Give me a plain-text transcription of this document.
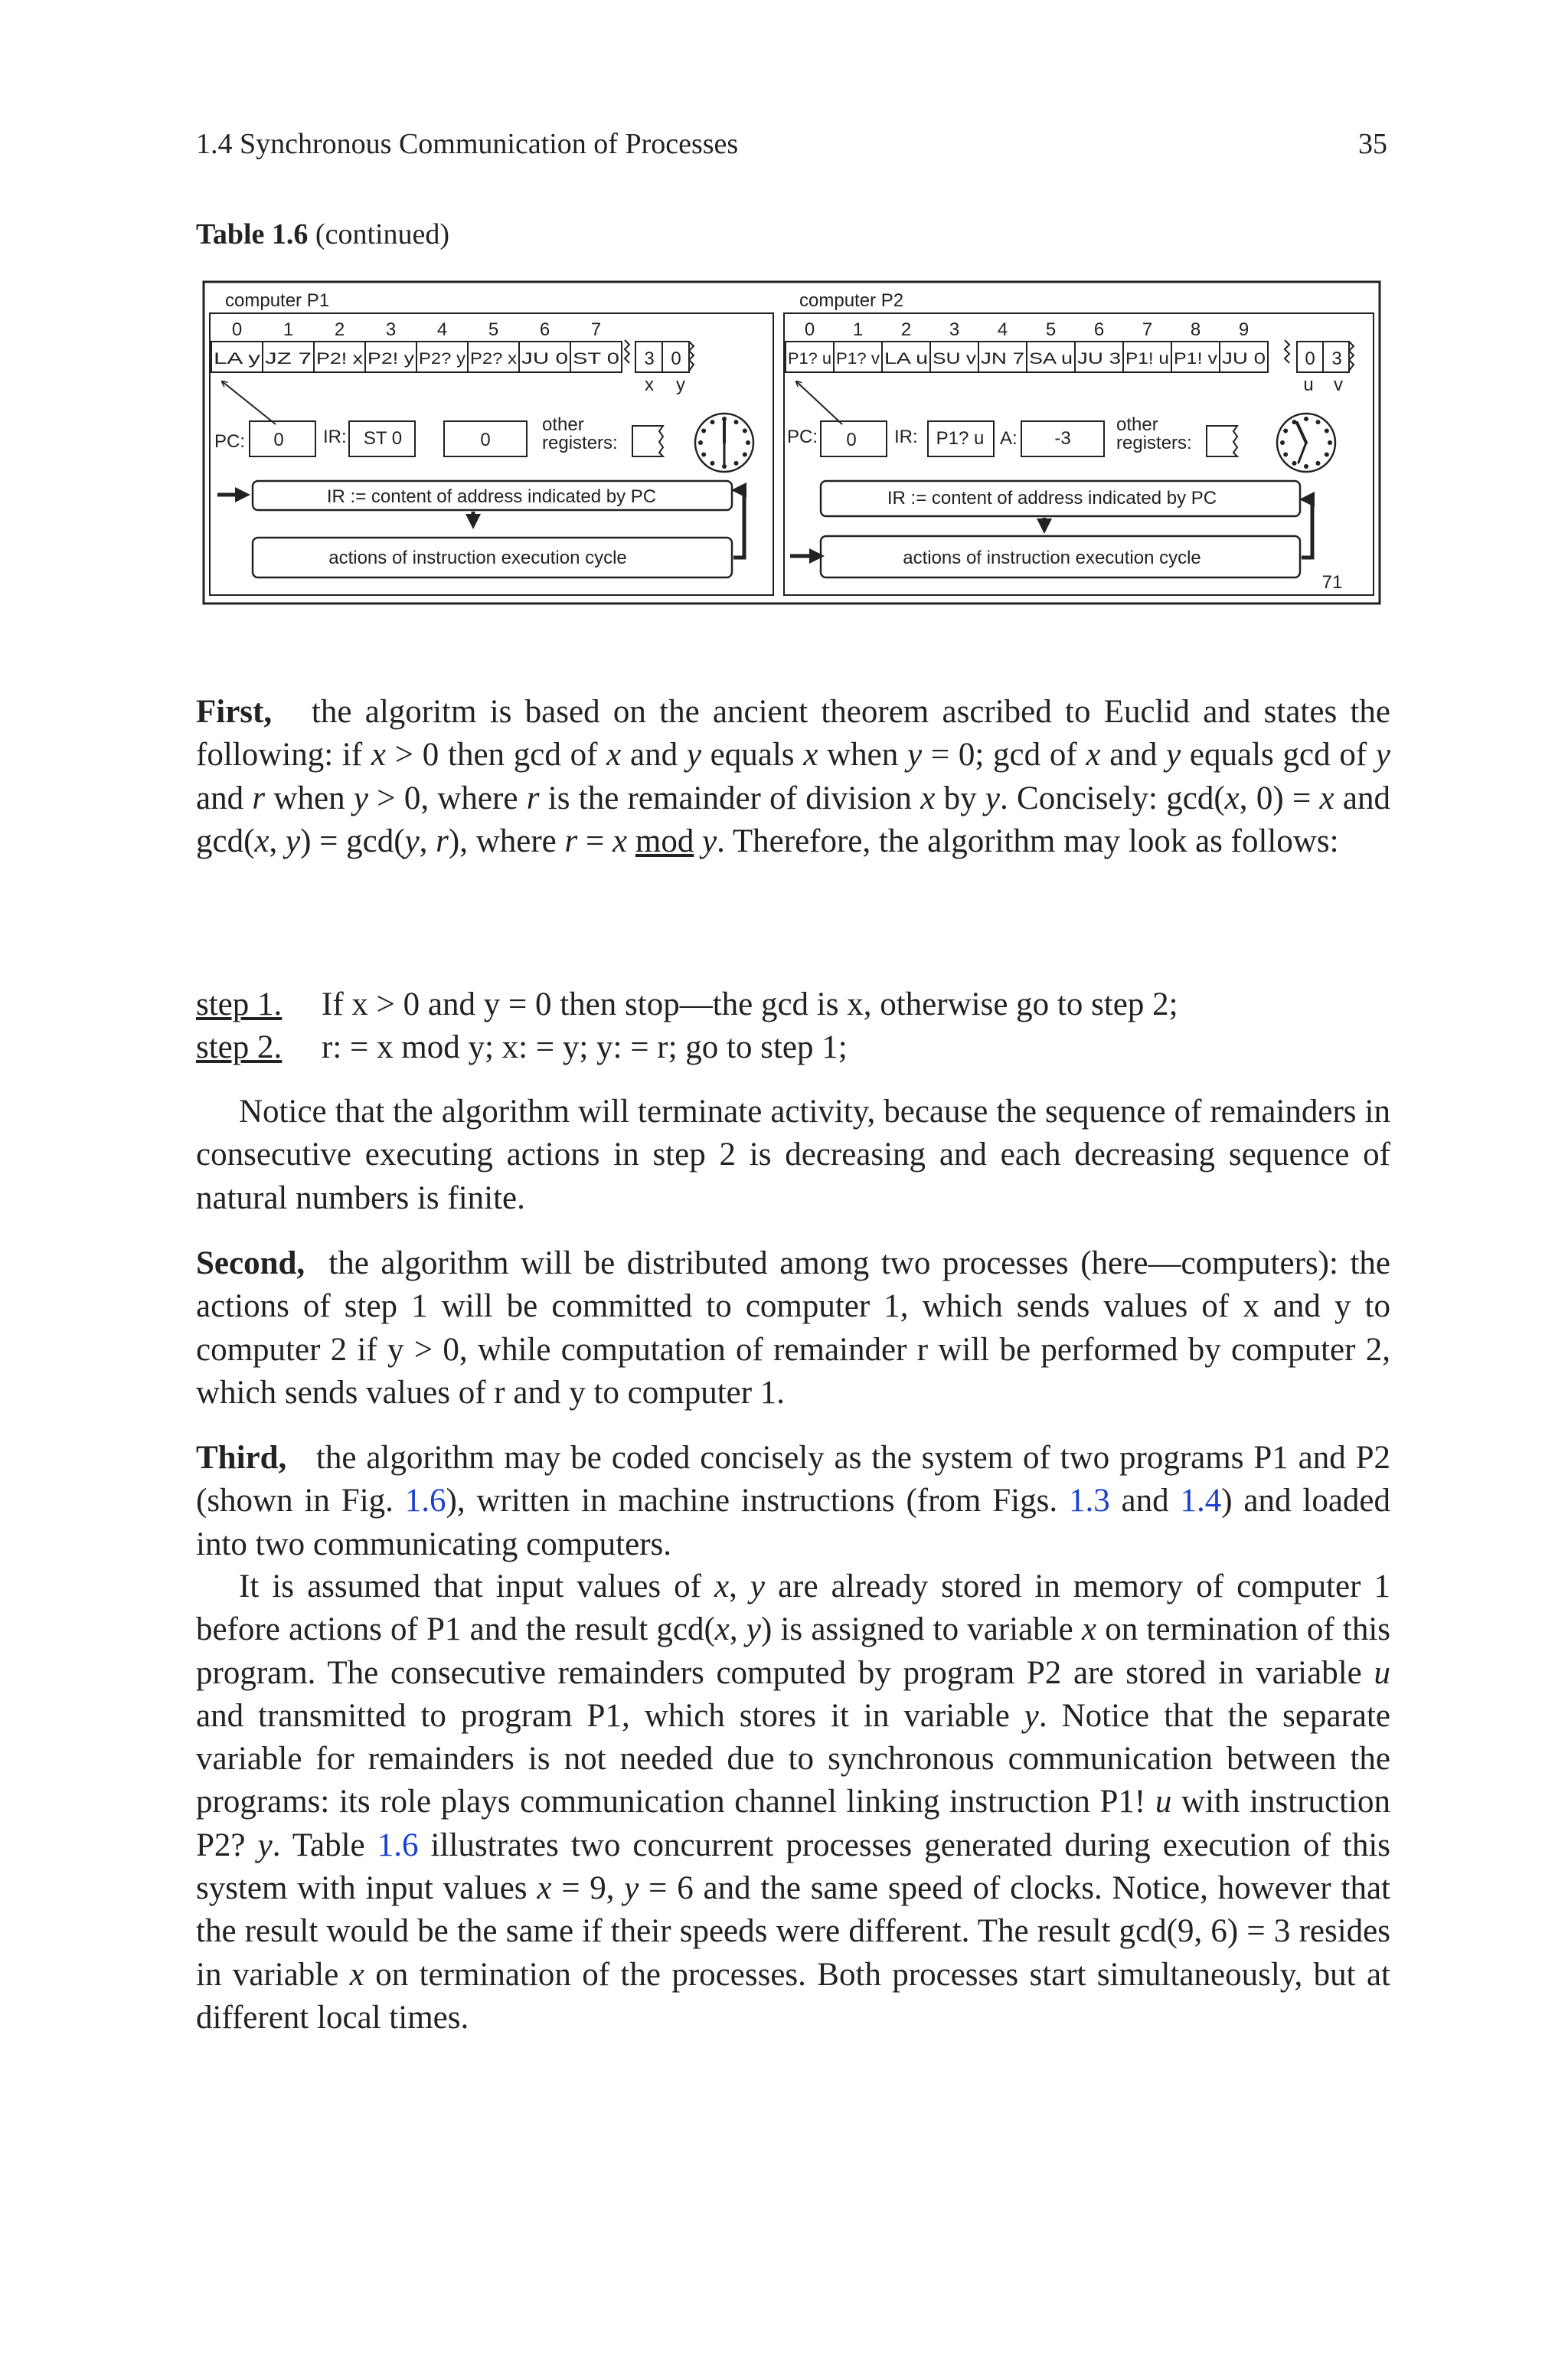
1.4 Synchronous Communication of Processes	35
Table 1.6 (continued)
computer P1
0 1 2 3 4 5 6 7
LA y JZ 7 P2! x P2! y P2? y P2? x JU 0 ST 0 3 0
x y
PC: 0 IR: ST 0	0
other
registers:
IR := content of address indicated by PC
actions of instruction execution cycle
computer P2
0 1 2 3 4 5 6 7 8 9
P1? u P1? v LA u SU v JN 7 SA u JU 3 P1! u P1! v JU 0 0 3
u v
PC: 0 IR: P1? u A: -3
other
registers:
IR := content of address indicated by PC
actions of instruction execution cycle
71

First,   the algoritm is based on the ancient theorem ascribed to Euclid and states the following: if x > 0 then gcd of x and y equals x when y = 0; gcd of x and y equals gcd of y and r when y > 0, where r is the remainder of division x by y. Concisely: gcd(x, 0) = x and gcd(x, y) = gcd(y, r), where r = x mod y. Therefore, the algorithm may look as follows:

step 1. If x > 0 and y = 0 then stop—the gcd is x, otherwise go to step 2;
step 2. r: = x mod y; x: = y; y: = r; go to step 1;

Notice that the algorithm will terminate activity, because the sequence of remainders in consecutive executing actions in step 2 is decreasing and each decreasing sequence of natural numbers is finite.

Second, the algorithm will be distributed among two processes (here—computers): the actions of step 1 will be committed to computer 1, which sends values of x and y to computer 2 if y > 0, while computation of remainder r will be performed by computer 2, which sends values of r and y to computer 1.

Third,   the algorithm may be coded concisely as the system of two programs P1 and P2 (shown in Fig. 1.6), written in machine instructions (from Figs. 1.3 and 1.4) and loaded into two communicating computers.

It is assumed that input values of x, y are already stored in memory of computer 1 before actions of P1 and the result gcd(x, y) is assigned to variable x on termination of this program. The consecutive remainders computed by program P2 are stored in variable u and transmitted to program P1, which stores it in variable y. Notice that the separate variable for remainders is not needed due to synchronous communication between the programs: its role plays communication channel linking instruction P1! u with instruction P2? y. Table 1.6 illustrates two concurrent processes generated during execution of this system with input values x = 9, y = 6 and the same speed of clocks. Notice, however that the result would be the same if their speeds were different. The result gcd(9, 6) = 3 resides in variable x on termination of the processes. Both processes start simultaneously, but at different local times.
